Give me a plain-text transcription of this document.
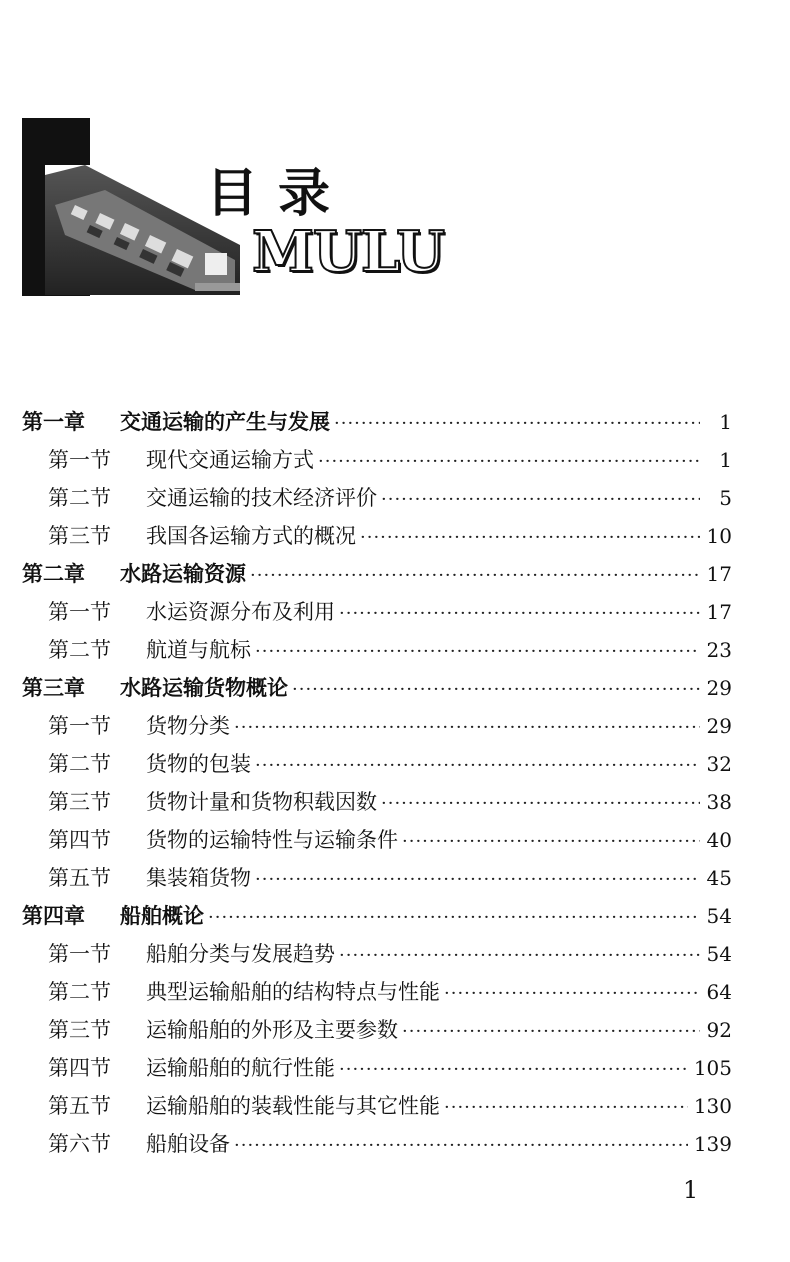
目录
MULU
第一章	交通运输的产生与发展 ·····	1
第一节	现代交通运输方式 ·····	1
第二节	交通运输的技术经济评价 ·····	5
第三节	我国各运输方式的概况 ·····	10
第二章	水路运输资源 ·····	17
第一节	水运资源分布及利用 ·····	17
第二节	航道与航标 ·····	23
第三章	水路运输货物概论 ·····	29
第一节	货物分类 ·····	29
第二节	货物的包装 ·····	32
第三节	货物计量和货物积载因数 ·····	38
第四节	货物的运输特性与运输条件 ·····	40
第五节	集装箱货物 ·····	45
第四章	船舶概论 ·····	54
第一节	船舶分类与发展趋势 ·····	54
第二节	典型运输船舶的结构特点与性能 ·····	64
第三节	运输船舶的外形及主要参数 ·····	92
第四节	运输船舶的航行性能 ·····	105
第五节	运输船舶的装载性能与其它性能 ·····	130
第六节	船舶设备 ·····	139
1
